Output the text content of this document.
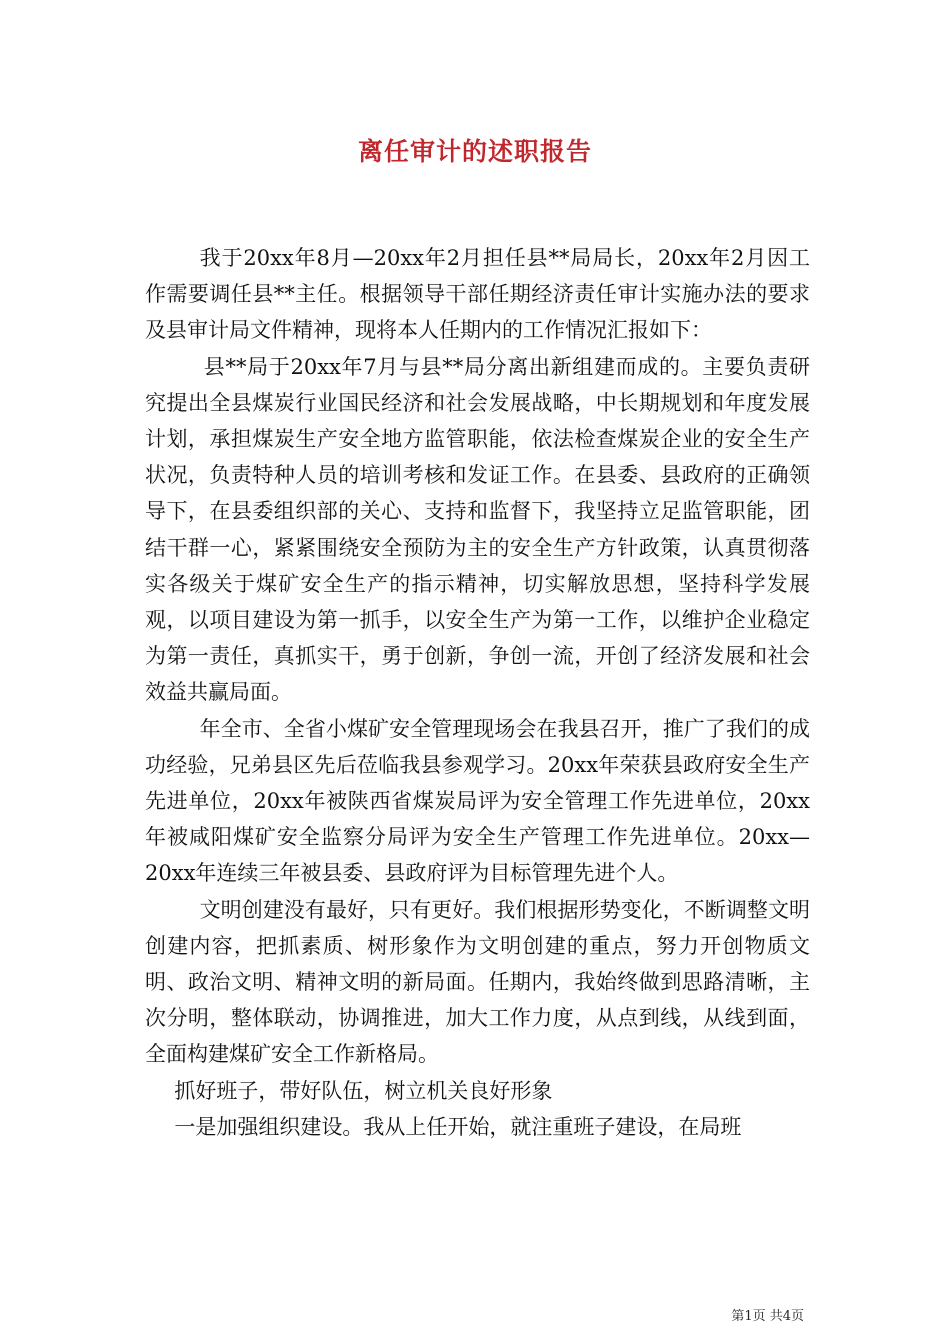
离任审计的述职报告

我于20xx年8月—20xx年2月担任县**局局长，20xx年2月因工作需要调任县**主任。根据领导干部任期经济责任审计实施办法的要求及县审计局文件精神，现将本人任期内的工作情况汇报如下：

县**局于20xx年7月与县**局分离出新组建而成的。主要负责研究提出全县煤炭行业国民经济和社会发展战略，中长期规划和年度发展计划，承担煤炭生产安全地方监管职能，依法检查煤炭企业的安全生产状况，负责特种人员的培训考核和发证工作。在县委、县政府的正确领导下，在县委组织部的关心、支持和监督下，我坚持立足监管职能，团结干群一心，紧紧围绕安全预防为主的安全生产方针政策，认真贯彻落实各级关于煤矿安全生产的指示精神，切实解放思想，坚持科学发展观，以项目建设为第一抓手，以安全生产为第一工作，以维护企业稳定为第一责任，真抓实干，勇于创新，争创一流，开创了经济发展和社会效益共赢局面。

年全市、全省小煤矿安全管理现场会在我县召开，推广了我们的成功经验，兄弟县区先后莅临我县参观学习。20xx年荣获县政府安全生产先进单位，20xx年被陕西省煤炭局评为安全管理工作先进单位，20xx年被咸阳煤矿安全监察分局评为安全生产管理工作先进单位。20xx—20xx年连续三年被县委、县政府评为目标管理先进个人。

文明创建没有最好，只有更好。我们根据形势变化，不断调整文明创建内容，把抓素质、树形象作为文明创建的重点，努力开创物质文明、政治文明、精神文明的新局面。任期内，我始终做到思路清晰，主次分明，整体联动，协调推进，加大工作力度，从点到线，从线到面，全面构建煤矿安全工作新格局。

抓好班子，带好队伍，树立机关良好形象

一是加强组织建设。我从上任开始，就注重班子建设，在局班

第1页 共4页
